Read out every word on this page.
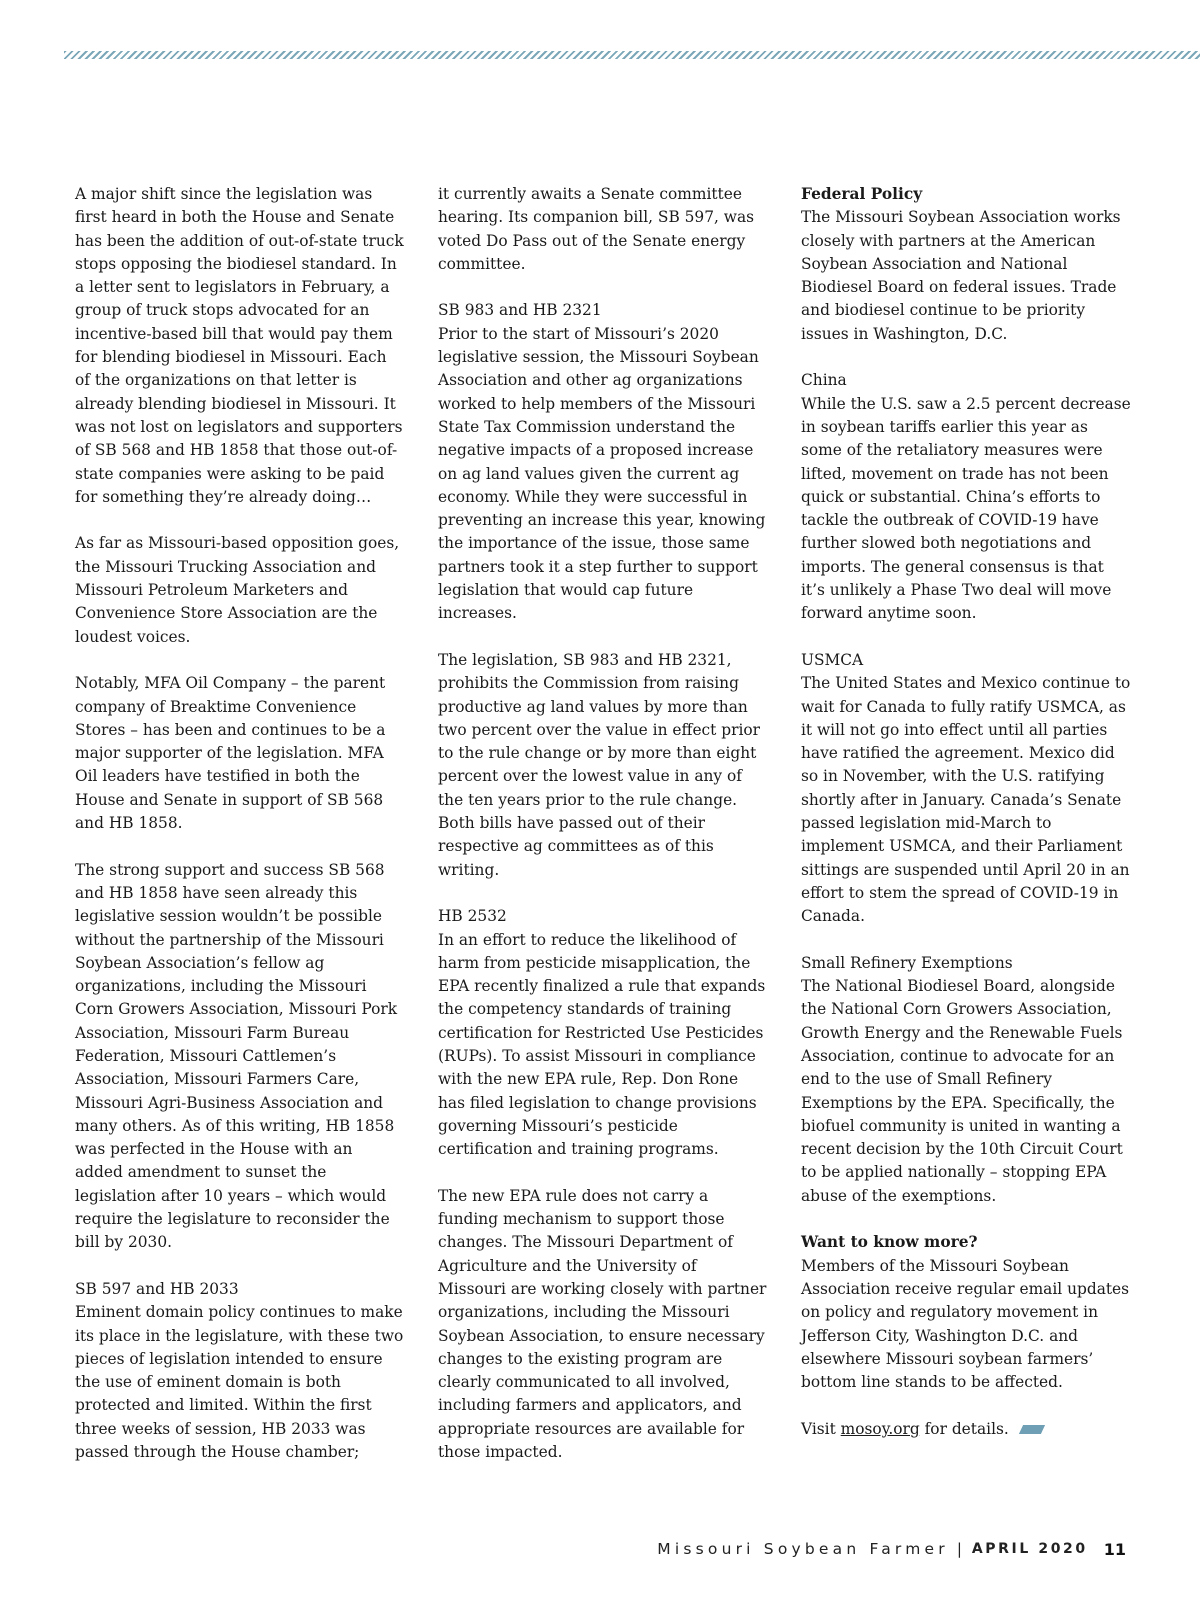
A major shift since the legislation was first heard in both the House and Senate has been the addition of out-of-state truck stops opposing the biodiesel standard. In a letter sent to legislators in February, a group of truck stops advocated for an incentive-based bill that would pay them for blending biodiesel in Missouri. Each of the organizations on that letter is already blending biodiesel in Missouri. It was not lost on legislators and supporters of SB 568 and HB 1858 that those out-of-state companies were asking to be paid for something they’re already doing…

As far as Missouri-based opposition goes, the Missouri Trucking Association and Missouri Petroleum Marketers and Convenience Store Association are the loudest voices.

Notably, MFA Oil Company – the parent company of Breaktime Convenience Stores – has been and continues to be a major supporter of the legislation. MFA Oil leaders have testified in both the House and Senate in support of SB 568 and HB 1858.

The strong support and success SB 568 and HB 1858 have seen already this legislative session wouldn’t be possible without the partnership of the Missouri Soybean Association’s fellow ag organizations, including the Missouri Corn Growers Association, Missouri Pork Association, Missouri Farm Bureau Federation, Missouri Cattlemen’s Association, Missouri Farmers Care, Missouri Agri-Business Association and many others. As of this writing, HB 1858 was perfected in the House with an added amendment to sunset the legislation after 10 years – which would require the legislature to reconsider the bill by 2030.

SB 597 and HB 2033
Eminent domain policy continues to make its place in the legislature, with these two pieces of legislation intended to ensure the use of eminent domain is both protected and limited. Within the first three weeks of session, HB 2033 was passed through the House chamber;

it currently awaits a Senate committee hearing. Its companion bill, SB 597, was voted Do Pass out of the Senate energy committee.

SB 983 and HB 2321
Prior to the start of Missouri’s 2020 legislative session, the Missouri Soybean Association and other ag organizations worked to help members of the Missouri State Tax Commission understand the negative impacts of a proposed increase on ag land values given the current ag economy. While they were successful in preventing an increase this year, knowing the importance of the issue, those same partners took it a step further to support legislation that would cap future increases.

The legislation, SB 983 and HB 2321, prohibits the Commission from raising productive ag land values by more than two percent over the value in effect prior to the rule change or by more than eight percent over the lowest value in any of the ten years prior to the rule change. Both bills have passed out of their respective ag committees as of this writing.

HB 2532
In an effort to reduce the likelihood of harm from pesticide misapplication, the EPA recently finalized a rule that expands the competency standards of training certification for Restricted Use Pesticides (RUPs). To assist Missouri in compliance with the new EPA rule, Rep. Don Rone has filed legislation to change provisions governing Missouri’s pesticide certification and training programs.

The new EPA rule does not carry a funding mechanism to support those changes. The Missouri Department of Agriculture and the University of Missouri are working closely with partner organizations, including the Missouri Soybean Association, to ensure necessary changes to the existing program are clearly communicated to all involved, including farmers and applicators, and appropriate resources are available for those impacted.

Federal Policy
The Missouri Soybean Association works closely with partners at the American Soybean Association and National Biodiesel Board on federal issues. Trade and biodiesel continue to be priority issues in Washington, D.C.

China
While the U.S. saw a 2.5 percent decrease in soybean tariffs earlier this year as some of the retaliatory measures were lifted, movement on trade has not been quick or substantial. China’s efforts to tackle the outbreak of COVID-19 have further slowed both negotiations and imports. The general consensus is that it’s unlikely a Phase Two deal will move forward anytime soon.

USMCA
The United States and Mexico continue to wait for Canada to fully ratify USMCA, as it will not go into effect until all parties have ratified the agreement. Mexico did so in November, with the U.S. ratifying shortly after in January. Canada’s Senate passed legislation mid-March to implement USMCA, and their Parliament sittings are suspended until April 20 in an effort to stem the spread of COVID-19 in Canada.

Small Refinery Exemptions
The National Biodiesel Board, alongside the National Corn Growers Association, Growth Energy and the Renewable Fuels Association, continue to advocate for an end to the use of Small Refinery Exemptions by the EPA. Specifically, the biofuel community is united in wanting a recent decision by the 10th Circuit Court to be applied nationally – stopping EPA abuse of the exemptions.

Want to know more?
Members of the Missouri Soybean Association receive regular email updates on policy and regulatory movement in Jefferson City, Washington D.C. and elsewhere Missouri soybean farmers’ bottom line stands to be affected.

Visit mosoy.org for details.

Missouri Soybean Farmer | APRIL 2020 11
